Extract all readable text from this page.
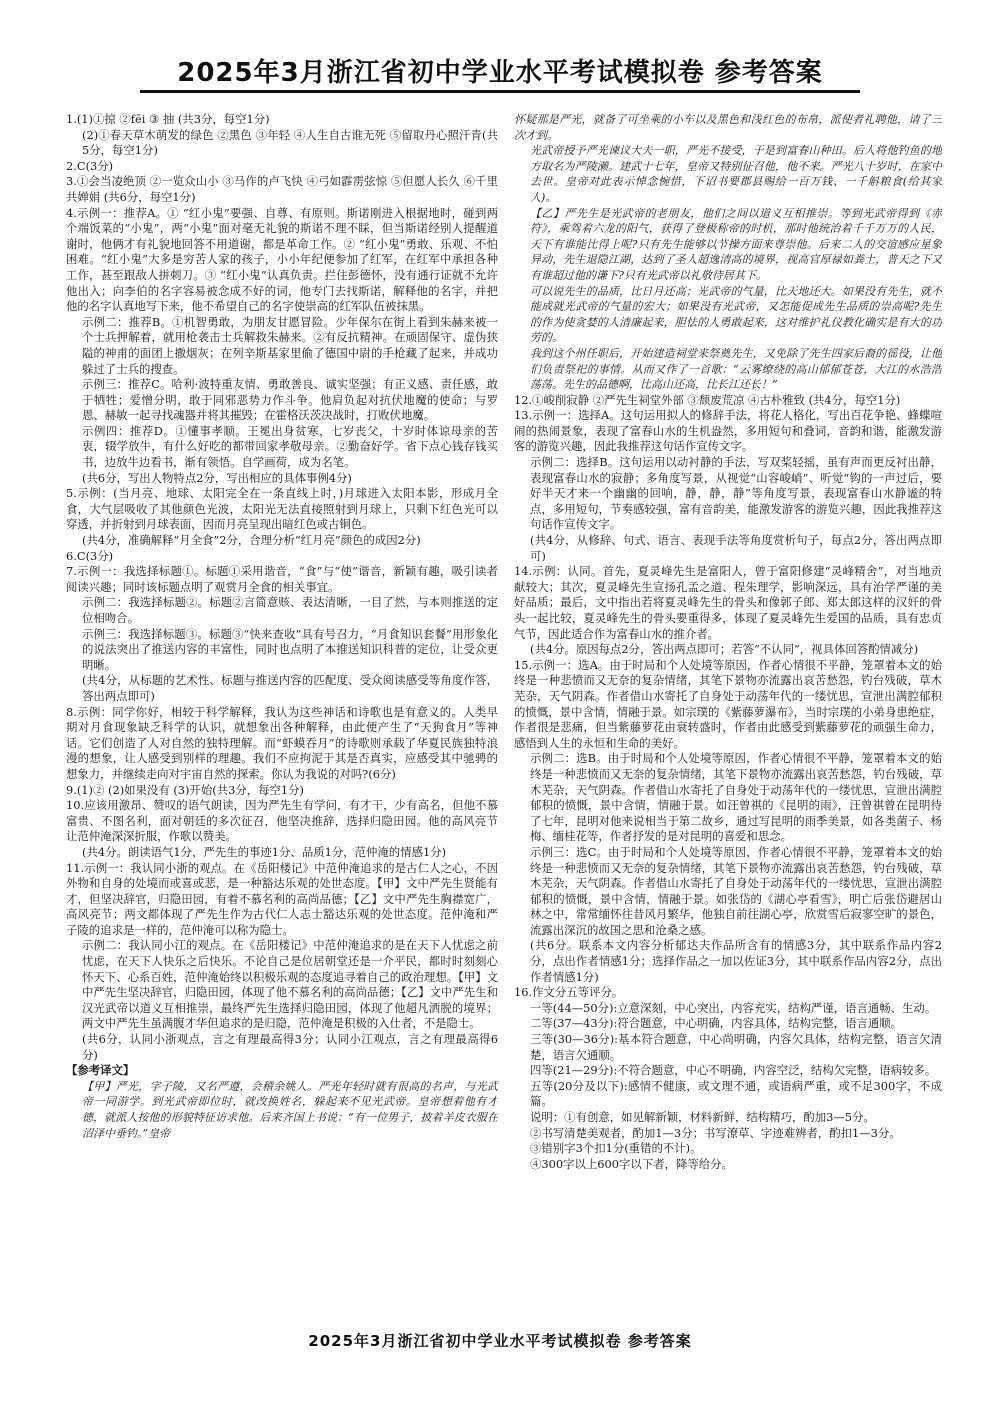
2025年3月浙江省初中学业水平考试模拟卷 参考答案
1.(1)①掠 ②fēi ③ 抽 (共3分，每空1分)
(2)①春天草木萌发的绿色 ②黑色 ③年轻 ④人生自古谁无死 ⑤留取丹心照汗青(共5分，每空1分)
2.C(3分)
3.①会当凌绝顶 ②一览众山小 ③马作的卢飞快 ④弓如霹雳弦惊 ⑤但愿人长久 ⑥千里共婵娟 (共6分，每空1分)
4.示例一：推荐A。① “红小鬼”要强、自尊、有原则。斯诺刚进入根据地时，碰到两个端饭菜的“小鬼”，两“小鬼”面对毫无礼貌的斯诺不理不睬，但当斯诺经别人提醒道谢时，他俩才有礼貌地回答不用道谢，都是革命工作。② “红小鬼”勇敢、乐观、不怕困难。“红小鬼”大多是穷苦人家的孩子，小小年纪便参加了红军，在红军中承担各种工作，甚至跟敌人拼刺刀。③ “红小鬼”认真负责。拦住彭德怀，没有通行证就不允许他出入；向李伯的名字容易被念成不好的词，他专门去找斯诺，解释他的名字，并把他的名字认真地写下来，他不希望自己的名字使崇高的红军队伍被抹黑。
示例二：推荐B。①机智勇敢，为朋友甘愿冒险。少年保尔在街上看到朱赫来被一个士兵押解着，就用枪袭击士兵解救朱赫来。②有反抗精神。在顽固保守、虚伪狭隘的神甫的面团上撒烟灰；在列辛斯基家里偷了德国中尉的手枪藏了起来，并成功躲过了士兵的搜查。
示例三：推荐C。哈利·波特重友情、勇敢善良、诚实坚强；有正义感、责任感，敢于牺牲；爱憎分明，敢于同邪恶势力作斗争。他肩负起对抗伏地魔的使命；与罗恩、赫敏一起寻找魂器并将其摧毁；在霍格沃茨决战时，打败伏地魔。
示例四：推荐D。①懂事孝顺。王冕出身贫寒，七岁丧父，十岁时体谅母亲的苦衷，辍学放牛，有什么好吃的都带回家孝敬母亲。②勤奋好学。省下点心钱存钱买书，边放牛边看书，渐有领悟。自学画荷，成为名笔。
(共6分，写出人物特点2分，写出相应的具体事例4分)
5.示例：(当月亮、地球、太阳完全在一条直线上时，)月球进入太阳本影，形成月全食，大气层吸收了其他颜色光波，太阳光无法直接照射到月球上，只剩下红色光可以穿透，并折射到月球表面，因而月亮呈现出暗红色或古铜色。
(共4分，准确解释“月全食”2分，合理分析“红月亮”颜色的成因2分)
6.C(3分)
7.示例一：我选择标题①。标题①采用谐音，“食”与“使”谐音，新颖有趣，吸引读者阅读兴趣；同时该标题点明了观赏月全食的相关事宜。
示例二：我选择标题②。标题②言简意赅、表达清晰，一目了然，与本则推送的定位相吻合。
示例三：我选择标题③。标题③“快来查收”具有号召力，“月食知识套餐”用形象化的说法突出了推送内容的丰富性，同时也点明了本推送知识科普的定位，让受众更明晰。
(共4分，从标题的艺术性、标题与推送内容的匹配度、受众阅读感受等角度作答，答出两点即可)
8.示例：同学你好，相较于科学解释，我认为这些神话和诗歌也是有意义的。人类早期对月食现象缺乏科学的认识，就想象出各种解释，由此便产生了“天狗食月”等神话。它们创造了人对自然的独特理解。而“虾蟆吞月”的诗歌则承载了华夏民族独特浪漫的想象，让人感受到别样的理趣。我们不应拘泥于其是否真实，应感受其中驰骋的想象力，并继续走向对宇宙自然的探索。你认为我说的对吗?(6分)
9.(1)② (2)如果没有 (3)开始(共3分，每空1分)
10.应该用激昂、赞叹的语气朗读，因为严先生有学问，有才干，少有高名，但他不慕富贵、不图名利，面对朝廷的多次征召，他坚决推辞，选择归隐田园。他的高风亮节让范仲淹深深折服，作歌以赞美。
(共4分。朗读语气1分，严先生的事迹1分、品质1分，范仲淹的情感1分)
11.示例一：我认同小浙的观点。在《岳阳楼记》中范仲淹追求的是古仁人之心，不因外物和自身的处境而或喜或悲，是一种豁达乐观的处世态度。【甲】文中严先生贤能有才，但坚决辞官，归隐田园，有着不慕名利的高尚品德；【乙】文中严先生胸襟宽广，高风亮节；两文都体现了严先生作为古代仁人志士豁达乐观的处世态度。范仲淹和严子陵的追求是一样的，范仲淹可以称为隐士。
示例二：我认同小江的观点。在《岳阳楼记》中范仲淹追求的是在天下人忧虑之前忧虑，在天下人快乐之后快乐。不论自己是位居朝堂还是一介平民，都时时刻刻心怀天下、心系百姓，范仲淹始终以积极乐观的态度追寻着自己的政治理想。【甲】文中严先生坚决辞官，归隐田园，体现了他不慕名利的高尚品德；【乙】文中严先生和汉光武帝以道义互相推崇，最终严先生选择归隐田园，体现了他超凡洒脱的境界；两文中严先生虽满腹才华但追求的是归隐，范仲淹是积极的入仕者，不是隐士。
(共6分，认同小浙观点，言之有理最高得3分；认同小江观点，言之有理最高得6分)
【参考译文】
【甲】严光，字子陵，又名严遵，会稽余姚人。严光年轻时就有很高的名声，与光武帝一同游学。到光武帝即位时，就改换姓名，躲起来不见光武帝。皇帝想着他有才德，就派人按他的形貌特征访求他。后来齐国上书说：“有一位男子，披着羊皮衣服在沼泽中垂钓。”皇帝
怀疑那是严光，就备了可坐乘的小车以及黑色和浅红色的布帛，派使者礼聘他，请了三次才到。
光武帝授予严光谏议大夫一职，严光不接受，于是到富春山种田。后人将他钓鱼的地方取名为严陵濑。建武十七年，皇帝又特别征召他，他不来。严光八十岁时，在家中去世。皇帝对此表示悼念惋惜，下诏书要郡县赐给一百万钱、一千斛粮食(给其家人)。
【乙】严先生是光武帝的老朋友，他们之间以道义互相推崇。等到光武帝得到《赤符》，乘驾着六龙的阳气，获得了登极称帝的时机，那时他统治着千千万万的人民，天下有谁能比得上呢?只有先生能够以节操方面来尊崇他。后来二人的交谊感应星象异动，先生退隐江湖，达到了圣人超逸清高的境界，视高官厚禄如粪土，普天之下又有谁超过他的谦下?只有光武帝以礼敬待居其下。
可以说先生的品质，比日月还高；光武帝的气量，比天地还大。如果没有先生，就不能成就光武帝的气量的宏大；如果没有光武帝，又怎能促成先生品质的崇高呢?先生的作为使贪婪的人清廉起来，胆怯的人勇敢起来，这对维护礼仪教化确实是有大的功劳的。
我到这个州任职后，开始建造祠堂来祭奠先生，又免除了先生四家后裔的徭役，让他们负责祭祀的事情。从而又作了一首歌：“云雾缭绕的高山郁郁苍苍，大江的水浩浩荡荡。先生的品德啊，比高山还高，比长江还长！”
12.①峻削寂静 ②严先生祠堂外部 ③颓废荒凉 ④古朴雅致 (共4分，每空1分)
13.示例一：选择A。这句运用拟人的修辞手法，将花人格化，写出百花争艳、蜂蝶喧闹的热闹景象，表现了富春山水的生机盎然，多用短句和叠词，音韵和谐，能激发游客的游览兴趣，因此我推荐这句话作宣传文字。
示例二：选择B。这句运用以动衬静的手法，写双桨轻摇，虽有声而更反衬出静，表现富春山水的寂静；多角度写景，从视觉“山容峻峭”、听觉“钩的一声过后，要好半天才来一个幽幽的回响，静，静，静”等角度写景，表现富春山水静谧的特点，多用短句，节奏感较强，富有音韵美，能激发游客的游览兴趣，因此我推荐这句话作宣传文字。
(共4分，从修辞、句式、语言、表现手法等角度赏析句子，每点2分，答出两点即可)
14.示例：认同。首先，夏灵峰先生是富阳人，曾于富阳修建“灵峰精舍”，对当地贡献较大；其次，夏灵峰先生宣扬孔孟之道、程朱理学，影响深远，具有治学严谨的美好品质；最后，文中指出若将夏灵峰先生的骨头和像郭子郎、郑太郎这样的汉奸的骨头一起比较，夏灵峰先生的骨头要重得多，体现了夏灵峰先生爱国的品质，具有忠贞气节，因此适合作为富春山水的推介者。
(共4分。原因每点2分，答出两点即可；若答“不认同”，视具体回答酌情减分)
15.示例一：选A。由于时局和个人处境等原因，作者心情很不平静，笼罩着本文的始终是一种悲愤而又无奈的复杂情绪，其笔下景物亦流露出哀苦愁怨，钓台残破，草木芜杂，天气阴森。作者借山水寄托了自身处于动荡年代的一缕忧思，宣泄出满腔郁积的愤慨，景中含情，情融于景。如宗璞的《紫藤萝瀑布》，当时宗璞的小弟身患绝症，作者很是悲痛，但当紫藤萝花由衰转盛时，作者由此感受到紫藤萝花的顽强生命力，感悟到人生的永恒和生命的美好。
示例二：选B。由于时局和个人处境等原因，作者心情很不平静，笼罩着本文的始终是一种悲愤而又无奈的复杂情绪，其笔下景物亦流露出哀苦愁怨，钓台残破，草木芜杂，天气阴森。作者借山水寄托了自身处于动荡年代的一缕忧思，宣泄出满腔郁积的愤慨，景中含情，情融于景。如汪曾祺的《昆明的雨》，汪曾祺曾在昆明待了七年，昆明对他来说相当于第二故乡，通过写昆明的雨季美景，如各类菌子、杨梅、缅桂花等，作者抒发的是对昆明的喜爱和思念。
示例三：选C。由于时局和个人处境等原因，作者心情很不平静，笼罩着本文的始终是一种悲愤而又无奈的复杂情绪，其笔下景物亦流露出哀苦愁怨，钓台残破，草木芜杂，天气阴森。作者借山水寄托了自身处于动荡年代的一缕忧思，宣泄出满腔郁积的愤慨，景中含情，情融于景。如张岱的《湖心亭看雪》，明亡后张岱避居山林之中，常常缅怀往昔风月繁华，他独自前往湖心亭，欣赏雪后寂寥空旷的景色，流露出深沉的故国之思和沧桑之感。
(共6分。联系本文内容分析郁达夫作品所含有的情感3分，其中联系作品内容2分，点出作者情感1分；选择作品之一加以佐证3分，其中联系作品内容2分，点出作者情感1分)
16.作文分五等评分。
一等(44—50分):立意深刻，中心突出，内容充实，结构严谨，语言通畅、生动。
二等(37—43分):符合题意，中心明确，内容具体，结构完整，语言通顺。
三等(30—36分):基本符合题意，中心尚明确，内容欠具体，结构完整，语言欠清楚，语言欠通顺。
四等(21—29分):不符合题意，中心不明确，内容空泛，结构欠完整，语病较多。
五等(20分及以下):感情不健康，或文理不通，或语病严重，或不足300字，不成篇。
说明：①有创意，如见解新颖，材料新鲜，结构精巧，酌加3—5分。
②书写清楚美观者，酌加1—3分；书写潦草、字迹难辨者，酌扣1—3分。
③错别字3个扣1分(重错的不计)。
④300字以上600字以下者，降等给分。
2025年3月浙江省初中学业水平考试模拟卷 参考答案
